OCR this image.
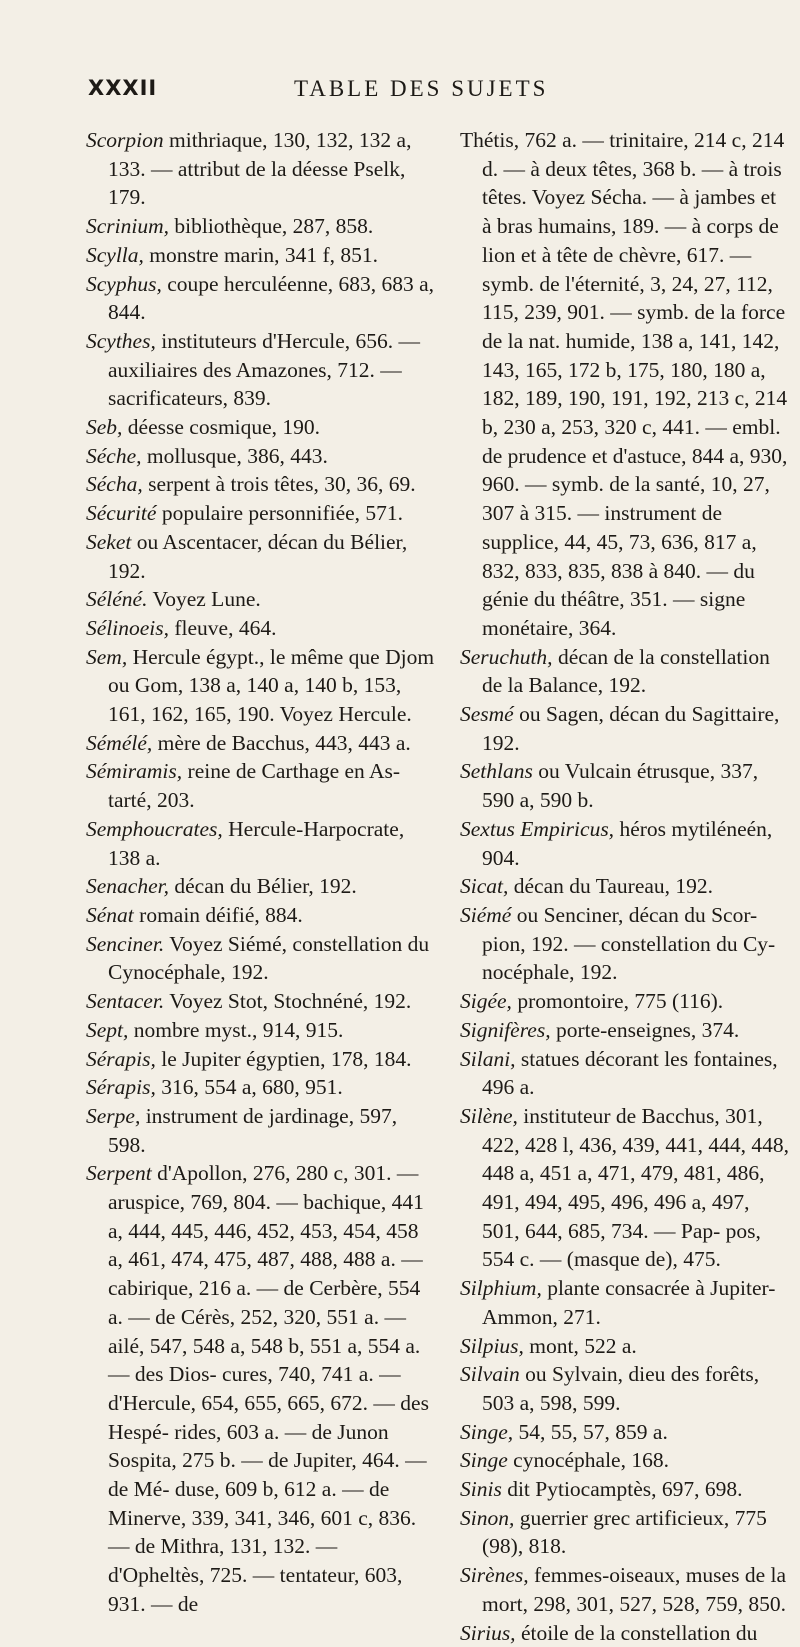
XXXII	TABLE DES SUJETS

Scorpion mithriaque, 130, 132, 132 a, 133. — attribut de la déesse Pselk, 179.

Scrinium, bibliothèque, 287, 858.

Scylla, monstre marin, 341 f, 851.

Scyphus, coupe herculéenne, 683, 683 a, 844.

Scythes, instituteurs d'Hercule, 656. — auxiliaires des Amazones, 712. — sacrificateurs, 839.

Seb, déesse cosmique, 190.

Séche, mollusque, 386, 443.

Sécha, serpent à trois têtes, 30, 36, 69.

Sécurité populaire personnifiée, 571.

Seket ou Ascentacer, décan du Bélier, 192.

Séléné. Voyez Lune.

Sélinoeis, fleuve, 464.

Sem, Hercule égypt., le même que Djom ou Gom, 138 a, 140 a, 140 b, 153, 161, 162, 165, 190. Voyez Hercule.

Sémélé, mère de Bacchus, 443, 443 a.

Sémiramis, reine de Carthage en As- tarté, 203.

Semphoucrates, Hercule-Harpocrate, 138 a.

Senacher, décan du Bélier, 192.

Sénat romain déifié, 884.

Senciner. Voyez Siémé, constellation du Cynocéphale, 192.

Sentacer. Voyez Stot, Stochnéné, 192.

Sept, nombre myst., 914, 915.

Sérapis, le Jupiter égyptien, 178, 184.

Sérapis, 316, 554 a, 680, 951.

Serpe, instrument de jardinage, 597, 598.

Serpent d'Apollon, 276, 280 c, 301. — aruspice, 769, 804. — bachique, 441 a, 444, 445, 446, 452, 453, 454, 458 a, 461, 474, 475, 487, 488, 488 a. — cabirique, 216 a. — de Cerbère, 554 a. — de Cérès, 252, 320, 551 a. — ailé, 547, 548 a, 548 b, 551 a, 554 a. — des Dios- cures, 740, 741 a. — d'Hercule, 654, 655, 665, 672. — des Hespé- rides, 603 a. — de Junon Sospita, 275 b. — de Jupiter, 464. — de Mé- duse, 609 b, 612 a. — de Minerve, 339, 341, 346, 601 c, 836. — de Mithra, 131, 132. — d'Opheltès, 725. — tentateur, 603, 931. — de

Thétis, 762 a. — trinitaire, 214 c, 214 d. — à deux têtes, 368 b. — à trois têtes. Voyez Sécha. — à jambes et à bras humains, 189. — à corps de lion et à tête de chèvre, 617. — symb. de l'éternité, 3, 24, 27, 112, 115, 239, 901. — symb. de la force de la nat. humide, 138 a, 141, 142, 143, 165, 172 b, 175, 180, 180 a, 182, 189, 190, 191, 192, 213 c, 214 b, 230 a, 253, 320 c, 441. — embl. de prudence et d'astuce, 844 a, 930, 960. — symb. de la santé, 10, 27, 307 à 315. — instrument de supplice, 44, 45, 73, 636, 817 a, 832, 833, 835, 838 à 840. — du génie du théâtre, 351. — signe monétaire, 364.

Seruchuth, décan de la constellation de la Balance, 192.

Sesmé ou Sagen, décan du Sagittaire, 192.

Sethlans ou Vulcain étrusque, 337, 590 a, 590 b.

Sextus Empiricus, héros mytiléneén, 904.

Sicat, décan du Taureau, 192.

Siémé ou Senciner, décan du Scor- pion, 192. — constellation du Cy- nocéphale, 192.

Sigée, promontoire, 775 (116).

Signifères, porte-enseignes, 374.

Silani, statues décorant les fontaines, 496 a.

Silène, instituteur de Bacchus, 301, 422, 428 l, 436, 439, 441, 444, 448, 448 a, 451 a, 471, 479, 481, 486, 491, 494, 495, 496, 496 a, 497, 501, 644, 685, 734. — Pap- pos, 554 c. — (masque de), 475.

Silphium, plante consacrée à Jupiter- Ammon, 271.

Silpius, mont, 522 a.

Silvain ou Sylvain, dieu des forêts, 503 a, 598, 599.

Singe, 54, 55, 57, 859 a.

Singe cynocéphale, 168.

Sinis dit Pytiocamptès, 697, 698.

Sinon, guerrier grec artificieux, 775 (98), 818.

Sirènes, femmes-oiseaux, muses de la mort, 298, 301, 527, 528, 759, 850.

Sirius, étoile de la constellation du
